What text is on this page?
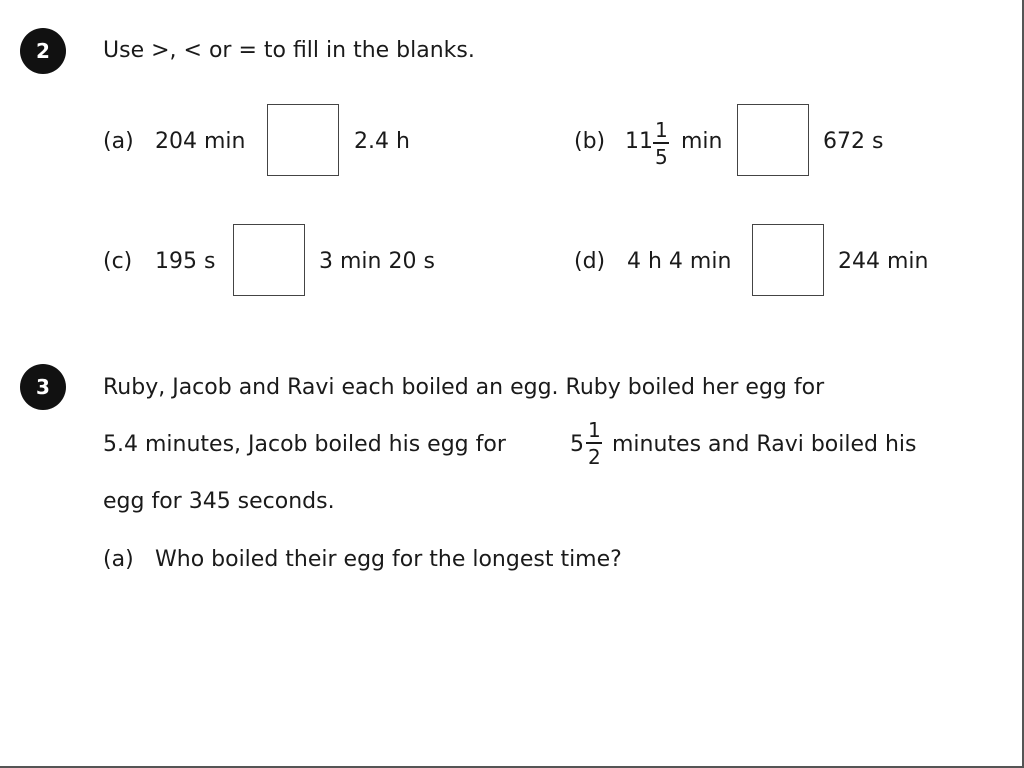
2 Use >, < or = to fill in the blanks.
(a) 204 min	2.4 h	(b) 11 1
5
min	672 s
(c) 195 s	3 min 20 s	(d) 4 h 4 min	244 min
3 Ruby, Jacob and Ravi each boiled an egg. Ruby boiled her egg for
5.4 minutes, Jacob boiled his egg for	5
1
2 minutes and Ravi boiled his
egg for 345 seconds.
(a) Who boiled their egg for the longest time?
